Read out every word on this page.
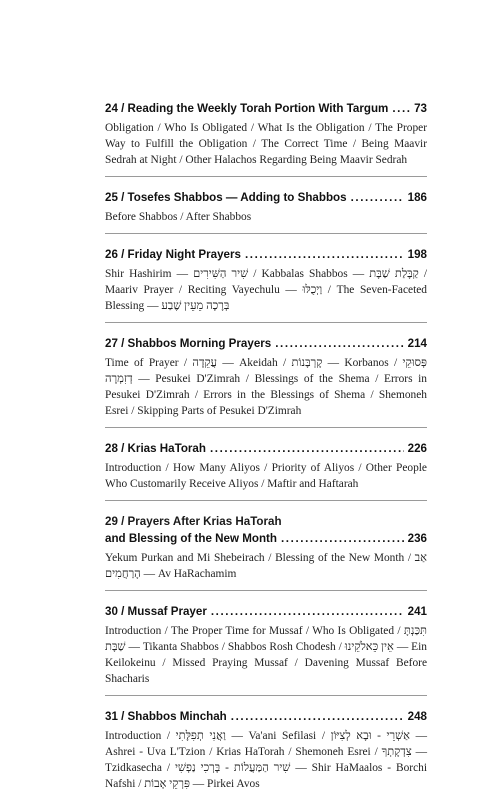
24 / Reading the Weekly Torah Portion With Targum ..... 73
Obligation / Who Is Obligated / What Is the Obligation / The Proper Way to Fulfill the Obligation / The Correct Time / Being Maavir Sedrah at Night / Other Halachos Regarding Being Maavir Sedrah
25 / Tosefes Shabbos — Adding to Shabbos .....	186
Before Shabbos / After Shabbos
26 / Friday Night Prayers .....	198
Shir Hashirim — שִׁיר הַשִּׁירִים / Kabbalas Shabbos — קַבָּלַת שַׁבָּת / Maariv Prayer / Reciting Vayechulu — וַיְכֻלּוּ / The Seven-Faceted Blessing — בְּרָכָה מֵעֵין שֶׁבַע
27 / Shabbos Morning Prayers .....	214
Time of Prayer / עֲקֵדָה — Akeidah / קָרְבָּנוֹת — Korbanos / פְּסוּקֵי דְזִמְרָה — Pesukei D'Zimrah / Blessings of the Shema / Errors in Pesukei D'Zimrah / Errors in the Blessings of Shema / Shemoneh Esrei / Skipping Parts of Pesukei D'Zimrah
28 / Krias HaTorah .....	226
Introduction / How Many Aliyos / Priority of Aliyos / Other People Who Customarily Receive Aliyos / Maftir and Haftarah
29 / Prayers After Krias HaTorah
and Blessing of the New Month .....	236
Yekum Purkan and Mi Shebeirach / Blessing of the New Month / אַב הָרַחֲמִים — Av HaRachamim
30 / Mussaf Prayer .....	241
Introduction / The Proper Time for Mussaf / Who Is Obligated / תִּכַּנְתָּ שַׁבָּת — Tikanta Shabbos / Shabbos Rosh Chodesh / אֵין כֵּאלֹקֵינוּ — Ein Keilokeinu / Missed Praying Mussaf / Davening Mussaf Before Shacharis
31 / Shabbos Minchah .....	248
Introduction / וַאֲנִי תְפִלָּתִי — Va'ani Sefilasi / אַשְׁרֵי - וּבָא לְצִיּוֹן — Ashrei - Uva L'Tzion / Krias HaTorah / Shemoneh Esrei / צִדְקָתְךָ — Tzidkasecha / שִׁיר הַמַּעֲלוֹת - בָּרְכִי נַפְשִׁי — Shir HaMaalos - Borchi Nafshi / פִּרְקֵי אָבוֹת — Pirkei Avos
